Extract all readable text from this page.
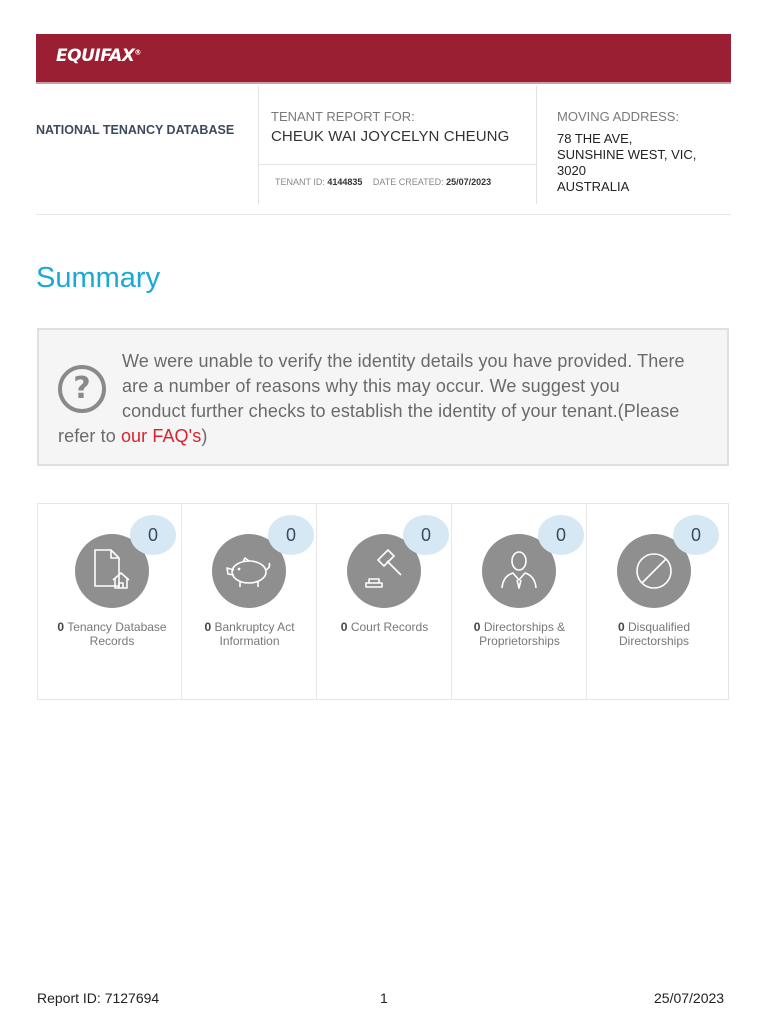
EQUIFAX®
NATIONAL TENANCY DATABASE
TENANT REPORT FOR:
CHEUK WAI JOYCELYN CHEUNG
TENANT ID: 4144835 DATE CREATED: 25/07/2023
MOVING ADDRESS:
78 THE AVE,
SUNSHINE WEST, VIC,
3020
AUSTRALIA
Summary
?
We were unable to verify the identity details you have provided. There
are a number of reasons why this may occur. We suggest you
conduct further checks to establish the identity of your tenant.(Please
refer to our FAQ's)
0
0 Tenancy Database
Records
0
0 Bankruptcy Act
Information
0
0 Court Records
0
0 Directorships &
Proprietorships
0
0 Disqualified
Directorships
Report ID: 7127694	1	25/07/2023
